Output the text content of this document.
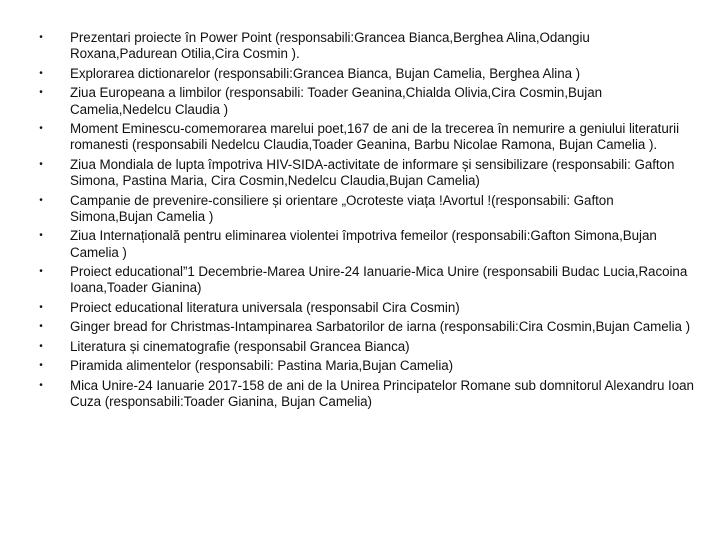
• Prezentari proiecte în Power Point (responsabili:Grancea Bianca,Berghea Alina,Odangiu Roxana,Padurean Otilia,Cira Cosmin ).
• Explorarea dictionarelor (responsabili:Grancea Bianca, Bujan Camelia, Berghea Alina )
• Ziua Europeana a limbilor (responsabili: Toader Geanina,Chialda Olivia,Cira Cosmin,Bujan Camelia,Nedelcu Claudia )
• Moment Eminescu-comemorarea marelui poet,167 de ani de la trecerea în nemurire a geniului literaturii romanesti (responsabili Nedelcu Claudia,Toader Geanina, Barbu Nicolae Ramona, Bujan Camelia ).
• Ziua Mondiala de lupta împotriva HIV-SIDA-activitate de informare și sensibilizare (responsabili: Gafton Simona, Pastina Maria, Cira Cosmin,Nedelcu Claudia,Bujan Camelia)
• Campanie de prevenire-consiliere și orientare „Ocroteste viața !Avortul !(responsabili: Gafton Simona,Bujan Camelia )
• Ziua Internațională pentru eliminarea violentei împotriva femeilor (responsabili:Gafton Simona,Bujan Camelia )
• Proiect educational”1 Decembrie-Marea Unire-24 Ianuarie-Mica Unire (responsabili Budac Lucia,Racoina Ioana,Toader Gianina)
• Proiect educational literatura universala (responsabil Cira Cosmin)
• Ginger bread for Christmas-Intampinarea Sarbatorilor de iarna (responsabili:Cira Cosmin,Bujan Camelia )
• Literatura și cinematografie (responsabil Grancea Bianca)
• Piramida alimentelor (responsabili: Pastina Maria,Bujan Camelia)
• Mica Unire-24 Ianuarie 2017-158 de ani de la Unirea Principatelor Romane sub domnitorul Alexandru Ioan Cuza (responsabili:Toader Gianina, Bujan Camelia)
